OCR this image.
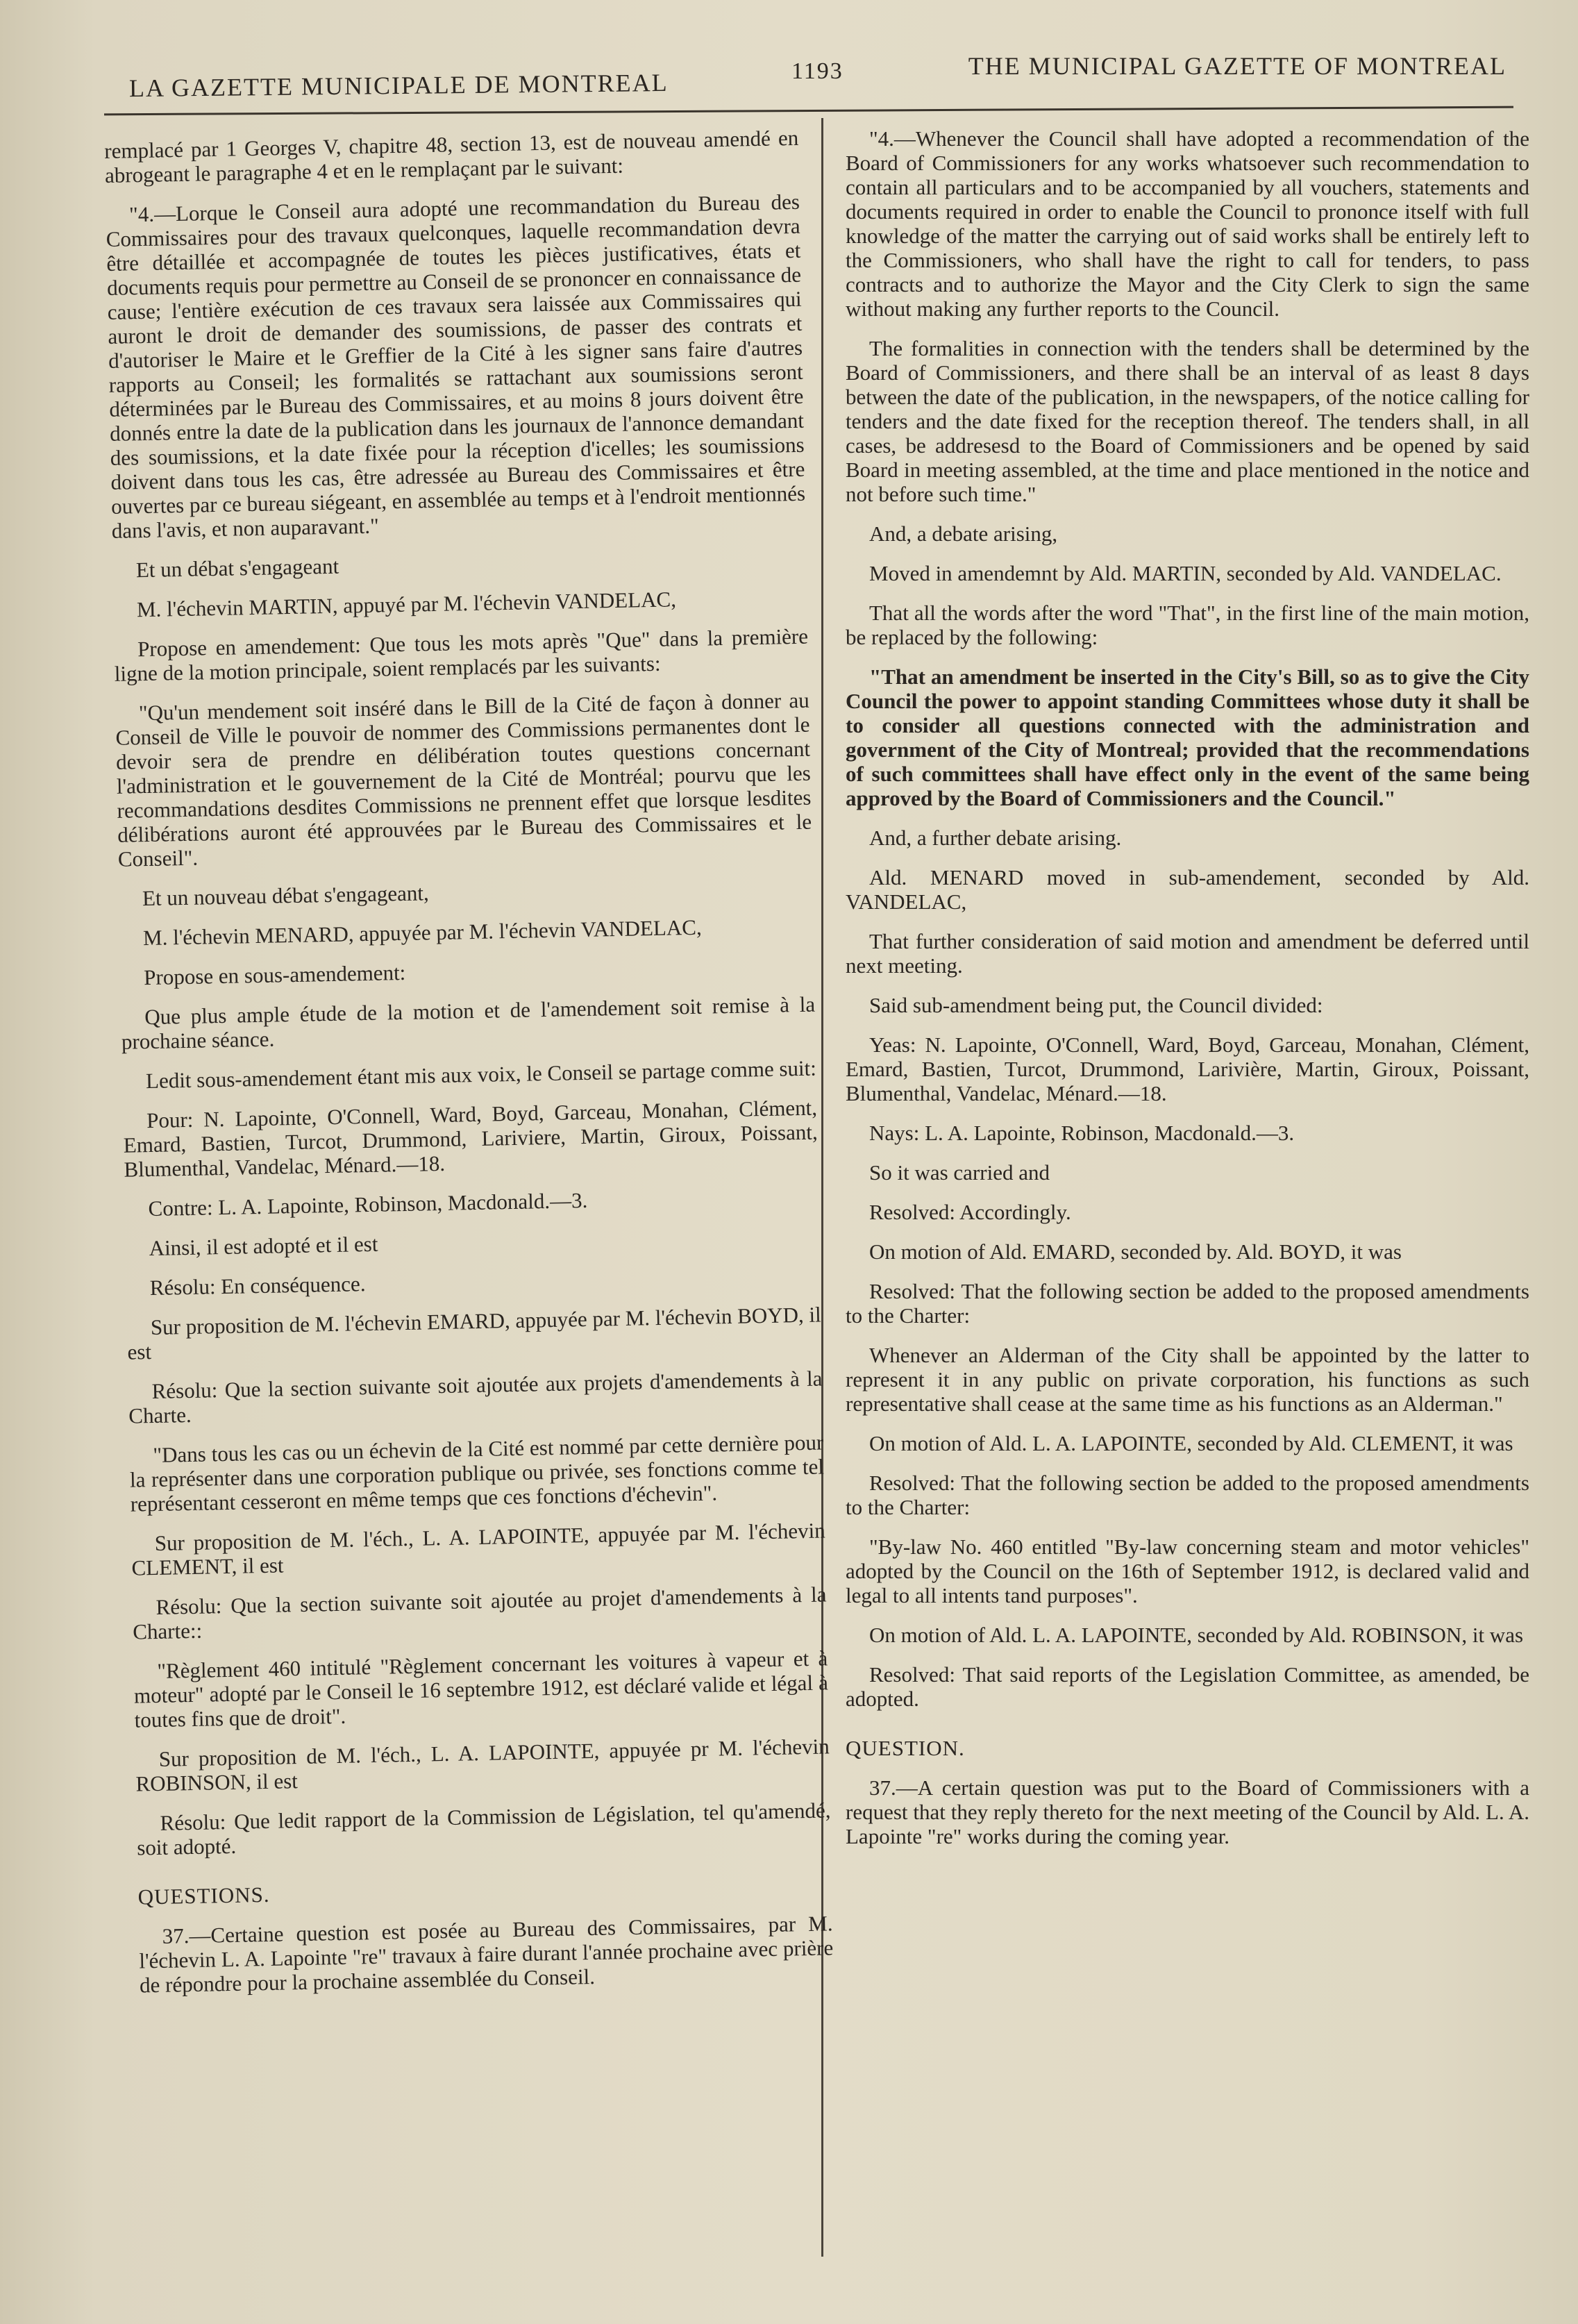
LA GAZETTE MUNICIPALE DE MONTREAL	1193	THE MUNICIPAL GAZETTE OF MONTREAL

remplacé par 1 Georges V, chapitre 48, section 13, est de nouveau amendé en abrogeant le paragraphe 4 et en le remplaçant par le suivant:

"4.—Lorque le Conseil aura adopté une recommandation du Bureau des Commissaires pour des travaux quelconques, laquelle recommandation devra être détaillée et accompagnée de toutes les pièces justificatives, états et documents requis pour permettre au Conseil de se prononcer en connaissance de cause; l'entière exécution de ces travaux sera laissée aux Commissaires qui auront le droit de demander des soumissions, de passer des contrats et d'autoriser le Maire et le Greffier de la Cité à les signer sans faire d'autres rapports au Conseil; les formalités se rattachant aux soumissions seront déterminées par le Bureau des Commissaires, et au moins 8 jours doivent être donnés entre la date de la publication dans les journaux de l'annonce demandant des soumissions, et la date fixée pour la réception d'icelles; les soumissions doivent dans tous les cas, être adressée au Bureau des Commissaires et être ouvertes par ce bureau siégeant, en assemblée au temps et à l'endroit mentionnés dans l'avis, et non auparavant."

Et un débat s'engageant

M. l'échevin MARTIN, appuyé par M. l'échevin VANDELAC,

Propose en amendement: Que tous les mots après "Que" dans la première ligne de la motion principale, soient remplacés par les suivants:

"Qu'un mendement soit inséré dans le Bill de la Cité de façon à donner au Conseil de Ville le pouvoir de nommer des Commissions permanentes dont le devoir sera de prendre en délibération toutes questions concernant l'administration et le gouvernement de la Cité de Montréal; pourvu que les recommandations desdites Commissions ne prennent effet que lorsque lesdites délibérations auront été approuvées par le Bureau des Commissaires et le Conseil".

Et un nouveau débat s'engageant,

M. l'échevin MENARD, appuyée par M. l'échevin VANDELAC,

Propose en sous-amendement:

Que plus ample étude de la motion et de l'amendement soit remise à la prochaine séance.

Ledit sous-amendement étant mis aux voix, le Conseil se partage comme suit:

Pour: N. Lapointe, O'Connell, Ward, Boyd, Garceau, Monahan, Clément, Emard, Bastien, Turcot, Drummond, Lariviere, Martin, Giroux, Poissant, Blumenthal, Vandelac, Ménard.—18.

Contre: L. A. Lapointe, Robinson, Macdonald.—3.

Ainsi, il est adopté et il est

Résolu: En conséquence.

Sur proposition de M. l'échevin EMARD, appuyée par M. l'échevin BOYD, il est

Résolu: Que la section suivante soit ajoutée aux projets d'amendements à la Charte.

"Dans tous les cas ou un échevin de la Cité est nommé par cette dernière pour la représenter dans une corporation publique ou privée, ses fonctions comme tel représentant cesseront en même temps que ces fonctions d'échevin".

Sur proposition de M. l'éch., L. A. LAPOINTE, appuyée par M. l'échevin CLEMENT, il est

Résolu: Que la section suivante soit ajoutée au projet d'amendements à la Charte::

"Règlement 460 intitulé "Règlement concernant les voitures à vapeur et à moteur" adopté par le Conseil le 16 septembre 1912, est déclaré valide et légal à toutes fins que de droit".

Sur proposition de M. l'éch., L. A. LAPOINTE, appuyée pr M. l'échevin ROBINSON, il est

Résolu: Que ledit rapport de la Commission de Législation, tel qu'amendé, soit adopté.

QUESTIONS.

37.—Certaine question est posée au Bureau des Commissaires, par M. l'échevin L. A. Lapointe "re" travaux à faire durant l'année prochaine avec prière de répondre pour la prochaine assemblée du Conseil.

"4.—Whenever the Council shall have adopted a recommendation of the Board of Commissioners for any works whatsoever such recommendation to contain all particulars and to be accompanied by all vouchers, statements and documents required in order to enable the Council to prononce itself with full knowledge of the matter the carrying out of said works shall be entirely left to the Commissioners, who shall have the right to call for tenders, to pass contracts and to authorize the Mayor and the City Clerk to sign the same without making any further reports to the Council.

The formalities in connection with the tenders shall be determined by the Board of Commissioners, and there shall be an interval of as least 8 days between the date of the publication, in the newspapers, of the notice calling for tenders and the date fixed for the reception thereof. The tenders shall, in all cases, be addresesd to the Board of Commissioners and be opened by said Board in meeting assembled, at the time and place mentioned in the notice and not before such time."

And, a debate arising,

Moved in amendemnt by Ald. MARTIN, seconded by Ald. VANDELAC.

That all the words after the word "That", in the first line of the main motion, be replaced by the following:

"That an amendment be inserted in the City's Bill, so as to give the City Council the power to appoint standing Committees whose duty it shall be to consider all questions connected with the administration and government of the City of Montreal; provided that the recommendations of such committees shall have effect only in the event of the same being approved by the Board of Commissioners and the Council."

And, a further debate arising.

Ald. MENARD moved in sub-amendement, seconded by Ald. VANDELAC,

That further consideration of said motion and amendment be deferred until next meeting.

Said sub-amendment being put, the Council divided:

Yeas: N. Lapointe, O'Connell, Ward, Boyd, Garceau, Monahan, Clément, Emard, Bastien, Turcot, Drummond, Larivière, Martin, Giroux, Poissant, Blumenthal, Vandelac, Ménard.—18.

Nays: L. A. Lapointe, Robinson, Macdonald.—3.

So it was carried and

Resolved: Accordingly.

On motion of Ald. EMARD, seconded by. Ald. BOYD, it was

Resolved: That the following section be added to the proposed amendments to the Charter:

Whenever an Alderman of the City shall be appointed by the latter to represent it in any public on private corporation, his functions as such representative shall cease at the same time as his functions as an Alderman."

On motion of Ald. L. A. LAPOINTE, seconded by Ald. CLEMENT, it was

Resolved: That the following section be added to the proposed amendments to the Charter:

"By-law No. 460 entitled "By-law concerning steam and motor vehicles" adopted by the Council on the 16th of September 1912, is declared valid and legal to all intents tand purposes".

On motion of Ald. L. A. LAPOINTE, seconded by Ald. ROBINSON, it was

Resolved: That said reports of the Legislation Committee, as amended, be adopted.

QUESTION.

37.—A certain question was put to the Board of Commissioners with a request that they reply thereto for the next meeting of the Council by Ald. L. A. Lapointe "re" works during the coming year.
